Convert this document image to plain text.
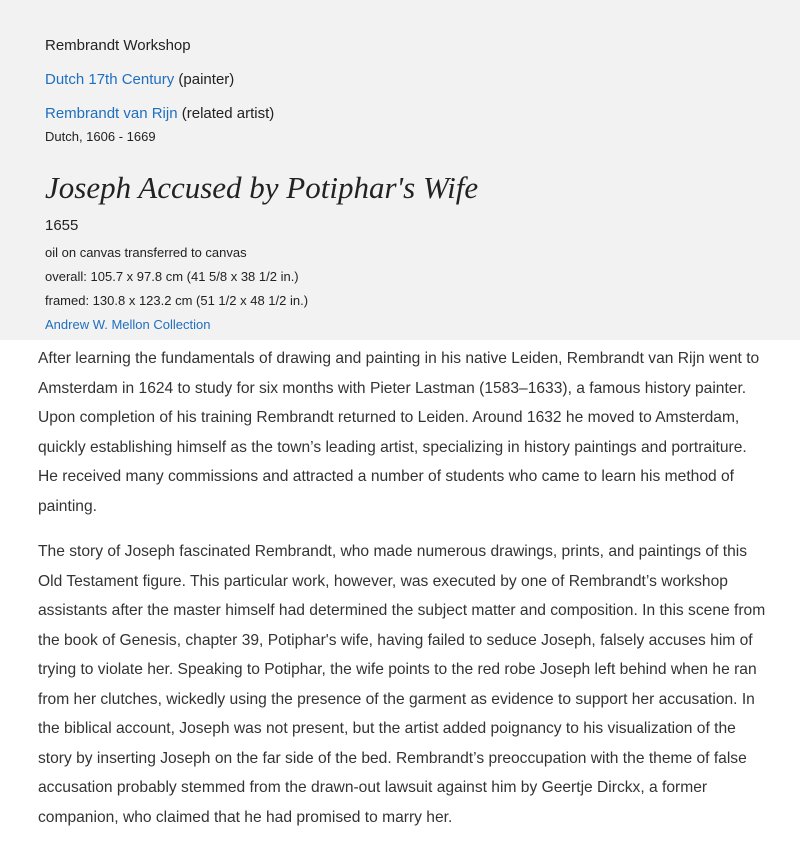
Rembrandt Workshop
Dutch 17th Century (painter)
Rembrandt van Rijn (related artist)
Dutch, 1606 - 1669
Joseph Accused by Potiphar's Wife
1655
oil on canvas transferred to canvas
overall: 105.7 x 97.8 cm (41 5/8 x 38 1/2 in.)
framed: 130.8 x 123.2 cm (51 1/2 x 48 1/2 in.)
Andrew W. Mellon Collection

After learning the fundamentals of drawing and painting in his native Leiden, Rembrandt van Rijn went to Amsterdam in 1624 to study for six months with Pieter Lastman (1583–1633), a famous history painter. Upon completion of his training Rembrandt returned to Leiden. Around 1632 he moved to Amsterdam, quickly establishing himself as the town’s leading artist, specializing in history paintings and portraiture. He received many commissions and attracted a number of students who came to learn his method of painting.

The story of Joseph fascinated Rembrandt, who made numerous drawings, prints, and paintings of this Old Testament figure. This particular work, however, was executed by one of Rembrandt’s workshop assistants after the master himself had determined the subject matter and composition. In this scene from the book of Genesis, chapter 39, Potiphar's wife, having failed to seduce Joseph, falsely accuses him of trying to violate her. Speaking to Potiphar, the wife points to the red robe Joseph left behind when he ran from her clutches, wickedly using the presence of the garment as evidence to support her accusation. In the biblical account, Joseph was not present, but the artist added poignancy to his visualization of the story by inserting Joseph on the far side of the bed. Rembrandt’s preoccupation with the theme of false accusation probably stemmed from the drawn-out lawsuit against him by Geertje Dirckx, a former companion, who claimed that he had promised to marry her.
